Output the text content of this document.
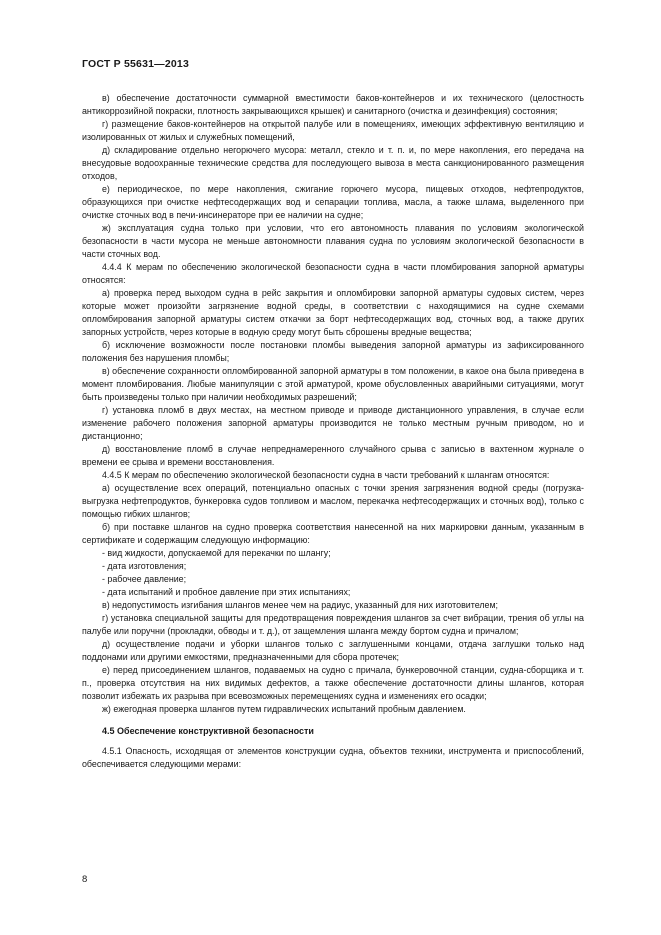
ГОСТ Р 55631—2013

в) обеспечение достаточности суммарной вместимости баков-контейнеров и их технического (целостность антикоррозийной покраски, плотность закрывающихся крышек) и санитарного (очистка и дезинфекция) состояния;

г) размещение баков-контейнеров на открытой палубе или в помещениях, имеющих эффективную вентиляцию и изолированных от жилых и служебных помещений,

д) складирование отдельно негорючего мусора: металл, стекло и т. п. и, по мере накопления, его передача на внесудовые водоохранные технические средства для последующего вывоза в места санкционированного размещения отходов,

е) периодическое, по мере накопления, сжигание горючего мусора, пищевых отходов, нефтепродуктов, образующихся при очистке нефтесодержащих вод и сепарации топлива, масла, а также шлама, выделенного при очистке сточных вод в печи-инсинераторе при ее наличии на судне;

ж) эксплуатация судна только при условии, что его автономность плавания по условиям экологической безопасности в части мусора не меньше автономности плавания судна по условиям экологической безопасности в части сточных вод.

4.4.4 К мерам по обеспечению экологической безопасности судна в части пломбирования запорной арматуры относятся:

а) проверка перед выходом судна в рейс закрытия и опломбировки запорной арматуры судовых систем, через которые может произойти загрязнение водной среды, в соответствии с находящимися на судне схемами опломбирования запорной арматуры систем откачки за борт нефтесодержащих вод, сточных вод, а также других запорных устройств, через которые в водную среду могут быть сброшены вредные вещества;

б) исключение возможности после постановки пломбы выведения запорной арматуры из зафиксированного положения без нарушения пломбы;

в) обеспечение сохранности опломбированной запорной арматуры в том положении, в какое она была приведена в момент пломбирования. Любые манипуляции с этой арматурой, кроме обусловленных аварийными ситуациями, могут быть произведены только при наличии необходимых разрешений;

г) установка пломб в двух местах, на местном приводе и приводе дистанционного управления, в случае если изменение рабочего положения запорной арматуры производится не только местным ручным приводом, но и дистанционно;

д) восстановление пломб в случае непреднамеренного случайного срыва с записью в вахтенном журнале о времени ее срыва и времени восстановления.

4.4.5 К мерам по обеспечению экологической безопасности судна в части требований к шлангам относятся:

а) осуществление всех операций, потенциально опасных с точки зрения загрязнения водной среды (погрузка-выгрузка нефтепродуктов, бункеровка судов топливом и маслом, перекачка нефтесодержащих и сточных вод), только с помощью гибких шлангов;

б) при поставке шлангов на судно проверка соответствия нанесенной на них маркировки данным, указанным в сертификате и содержащим следующую информацию:

- вид жидкости, допускаемой для перекачки по шлангу;

- дата изготовления;

- рабочее давление;

- дата испытаний и пробное давление при этих испытаниях;

в) недопустимость изгибания шлангов менее чем на радиус, указанный для них изготовителем;

г) установка специальной защиты для предотвращения повреждения шлангов за счет вибрации, трения об углы на палубе или поручни (прокладки, обводы и т. д.), от защемления шланга между бортом судна и причалом;

д) осуществление подачи и уборки шлангов только с заглушенными концами, отдача заглушки только над поддонами или другими емкостями, предназначенными для сбора протечек;

е) перед присоединением шлангов, подаваемых на судно с причала, бункеровочной станции, судна-сборщика и т. п., проверка отсутствия на них видимых дефектов, а также обеспечение достаточности длины шлангов, которая позволит избежать их разрыва при всевозможных перемещениях судна и изменениях его осадки;

ж) ежегодная проверка шлангов путем гидравлических испытаний пробным давлением.

4.5 Обеспечение конструктивной безопасности

4.5.1 Опасность, исходящая от элементов конструкции судна, объектов техники, инструмента и приспособлений, обеспечивается следующими мерами:

8
